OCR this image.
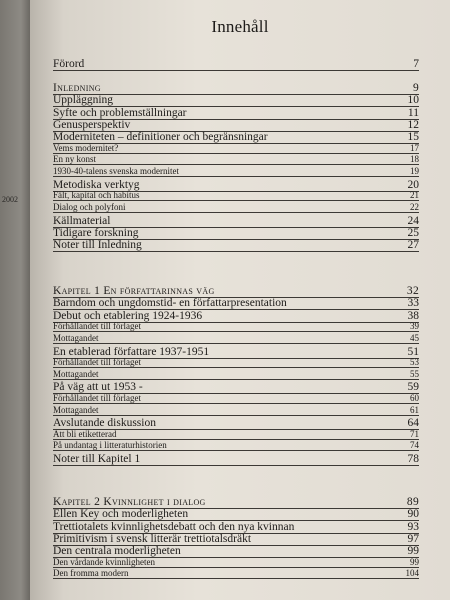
2002
Innehåll
Förord	7
Inledning	9
Uppläggning	10
Syfte och problemställningar	11
Genusperspektiv	12
Moderniteten – definitioner och begränsningar	15
Vems modernitet?	17
En ny konst	18
1930-40-talens svenska modernitet	19
Metodiska verktyg	20
Fält, kapital och habitus	21
Dialog och polyfoni	22
Källmaterial	24
Tidigare forskning	25
Noter till Inledning	27
Kapitel 1 En författarinnas väg	32
Barndom och ungdomstid- en författarpresentation	33
Debut och etablering 1924-1936	38
Förhållandet till förlaget	39
Mottagandet	45
En etablerad författare 1937-1951	51
Förhållandet till förlaget	53
Mottagandet	55
På väg att ut 1953 -	59
Förhållandet till förlaget	60
Mottagandet	61
Avslutande diskussion	64
Att bli etiketterad	71
På undantag i litteraturhistorien	74
Noter till Kapitel 1	78
Kapitel 2 Kvinnlighet i dialog	89
Ellen Key och moderligheten	90
Trettiotalets kvinnlighetsdebatt och den nya kvinnan	93
Primitivism i svensk litterär trettiotalsdräkt	97
Den centrala moderligheten	99
Den vårdande kvinnligheten	99
Den fromma modern	104
